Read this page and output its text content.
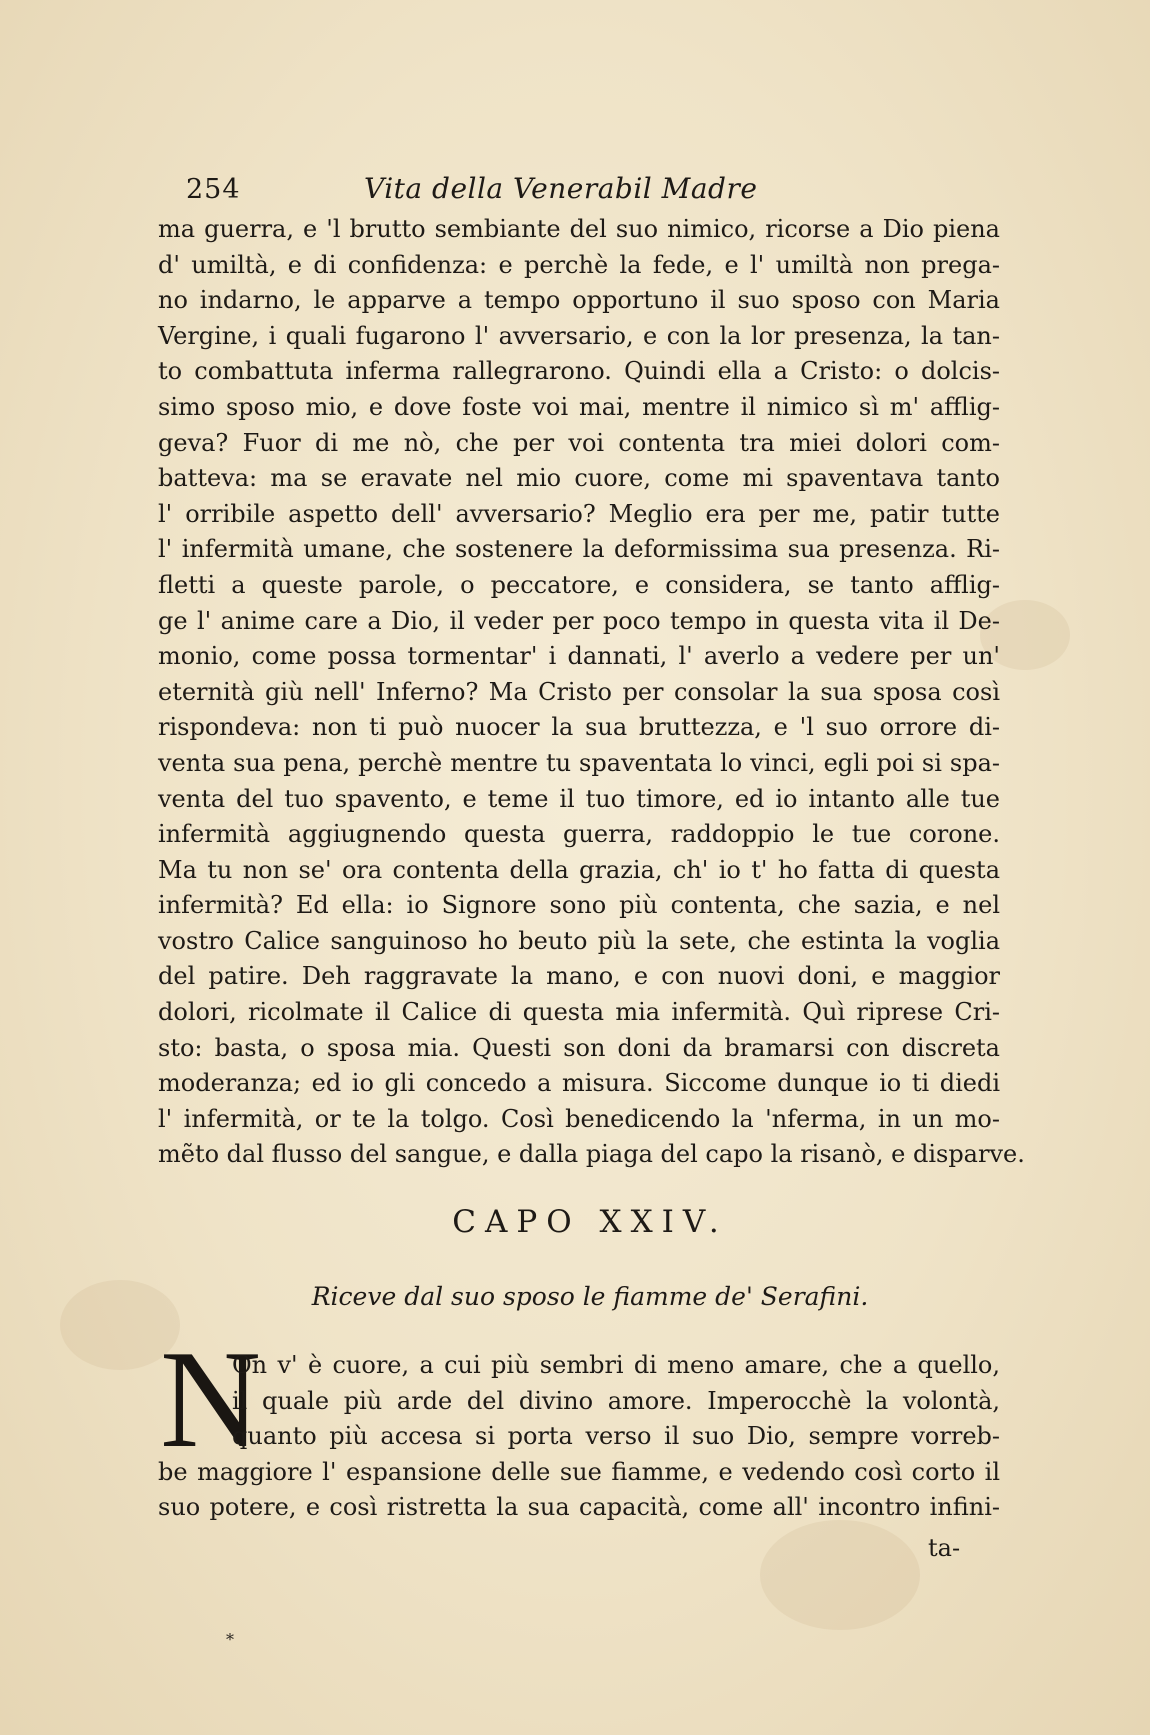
254	Vita della Venerabil Madre
ma guerra, e 'l brutto sembiante del suo nimico, ricorse a Dio piena
d' umiltà, e di confidenza: e perchè la fede, e l' umiltà non prega-
no indarno, le apparve a tempo opportuno il suo sposo con Maria
Vergine, i quali fugarono l' avversario, e con la lor presenza, la tan-
to combattuta inferma rallegrarono. Quindi ella a Cristo: o dolcis-
simo sposo mio, e dove foste voi mai, mentre il nimico sì m' afflig-
geva? Fuor di me nò, che per voi contenta tra miei dolori com-
batteva: ma se eravate nel mio cuore, come mi spaventava tanto
l' orribile aspetto dell' avversario? Meglio era per me, patir tutte
l' infermità umane, che sostenere la deformissima sua presenza. Ri-
fletti a queste parole, o peccatore, e considera, se tanto afflig-
ge l' anime care a Dio, il veder per poco tempo in questa vita il De-
monio, come possa tormentar' i dannati, l' averlo a vedere per un'
eternità giù nell' Inferno? Ma Cristo per consolar la sua sposa così
rispondeva: non ti può nuocer la sua bruttezza, e 'l suo orrore di-
venta sua pena, perchè mentre tu spaventata lo vinci, egli poi si spa-
venta del tuo spavento, e teme il tuo timore, ed io intanto alle tue
infermità aggiugnendo questa guerra, raddoppio le tue corone.
Ma tu non se' ora contenta della grazia, ch' io t' ho fatta di questa
infermità? Ed ella: io Signore sono più contenta, che sazia, e nel
vostro Calice sanguinoso ho beuto più la sete, che estinta la voglia
del patire. Deh raggravate la mano, e con nuovi doni, e maggior
dolori, ricolmate il Calice di questa mia infermità. Quì riprese Cri-
sto: basta, o sposa mia. Questi son doni da bramarsi con discreta
moderanza; ed io gli concedo a misura. Siccome dunque io ti diedi
l' infermità, or te la tolgo. Così benedicendo la 'nferma, in un mo-
mẽto dal flusso del sangue, e dalla piaga del capo la risanò, e disparve.
CAPO XXIV.
Riceve dal suo sposo le fiamme de' Serafini.
N
ta-
*
On v' è cuore, a cui più sembri di meno amare, che a quello,
il quale più arde del divino amore. Imperocchè la volontà,
quanto più accesa si porta verso il suo Dio, sempre vorreb-
be maggiore l' espansione delle sue fiamme, e vedendo così corto il
suo potere, e così ristretta la sua capacità, come all' incontro infini-
